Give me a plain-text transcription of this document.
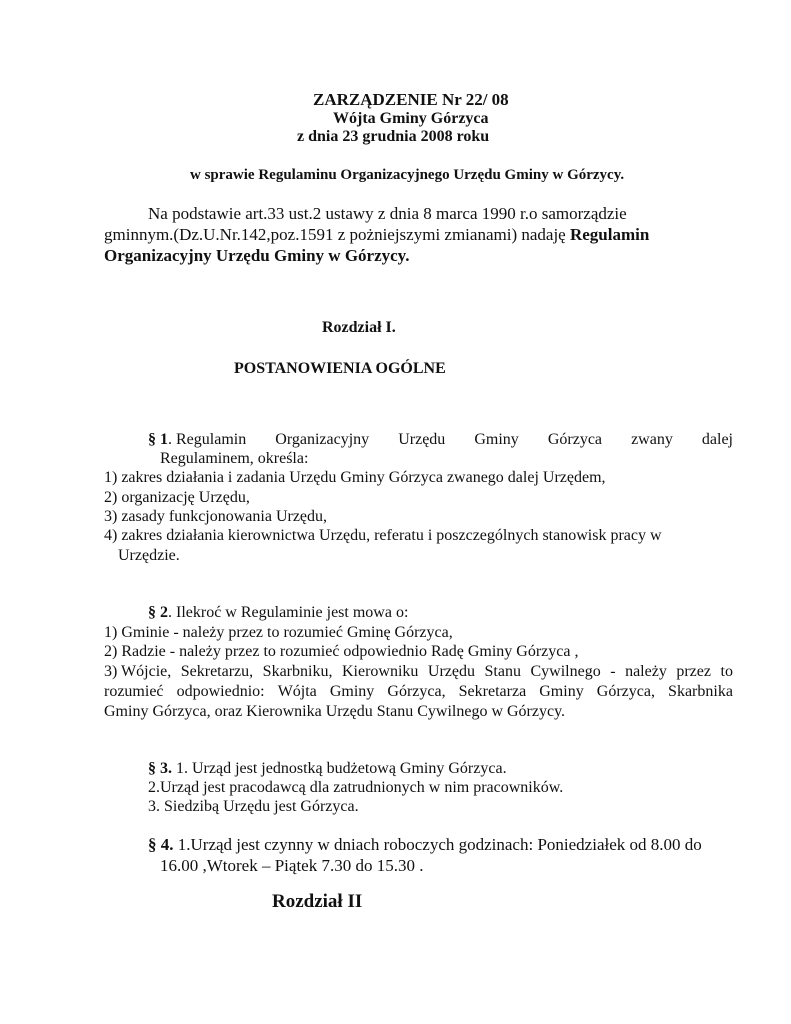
ZARZĄDZENIE Nr 22/ 08
Wójta Gminy Górzyca
z dnia 23 grudnia 2008 roku
w sprawie Regulaminu Organizacyjnego Urzędu Gminy w Górzycy.
Na podstawie art.33 ust.2 ustawy z dnia 8 marca 1990 r.o samorządzie
gminnym.(Dz.U.Nr.142,poz.1591 z pożniejszymi zmianami) nadaję Regulamin
Organizacyjny Urzędu Gminy w Górzycy.
Rozdział I.
POSTANOWIENIA OGÓLNE
§ 1. Regulamin Organizacyjny Urzędu Gminy Górzyca zwany dalej
Regulaminem, określa:
1) zakres działania i zadania Urzędu Gminy Górzyca zwanego dalej Urzędem,
2) organizację Urzędu,
3) zasady funkcjonowania Urzędu,
4) zakres działania kierownictwa Urzędu, referatu i poszczególnych stanowisk pracy w
Urzędzie.
§ 2. Ilekroć w Regulaminie jest mowa o:
1) Gminie - należy przez to rozumieć Gminę Górzyca,
2) Radzie - należy przez to rozumieć odpowiednio Radę Gminy Górzyca ,
3) Wójcie, Sekretarzu, Skarbniku, Kierowniku Urzędu Stanu Cywilnego - należy przez to
rozumieć odpowiednio: Wójta Gminy Górzyca, Sekretarza Gminy Górzyca, Skarbnika
Gminy Górzyca, oraz Kierownika Urzędu Stanu Cywilnego w Górzycy.
§ 3. 1. Urząd jest jednostką budżetową Gminy Górzyca.
2.Urząd jest pracodawcą dla zatrudnionych w nim pracowników.
3. Siedzibą Urzędu jest Górzyca.
§ 4. 1.Urząd jest czynny w dniach roboczych godzinach: Poniedziałek od 8.00 do
16.00 ,Wtorek – Piątek 7.30 do 15.30 .
Rozdział II
